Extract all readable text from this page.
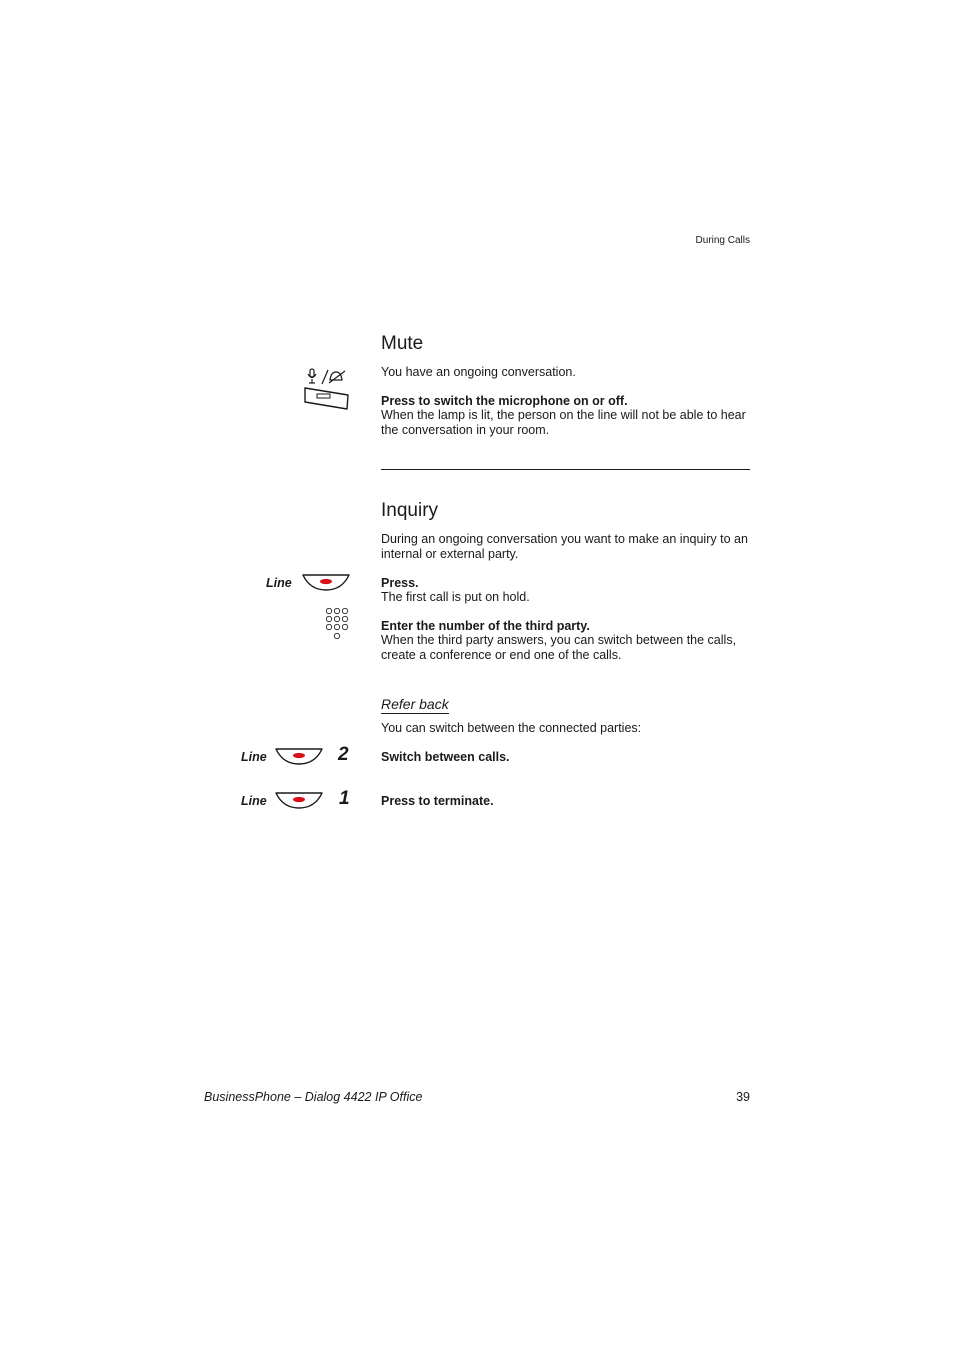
During Calls
Mute
You have an ongoing conversation.
Press to switch the microphone on or off.
When the lamp is lit, the person on the line will not be able to hear
the conversation in your room.
Inquiry
During an ongoing conversation you want to make an inquiry to an
internal or external party.
Line	Press.
The first call is put on hold.
Enter the number of the third party.
When the third party answers, you can switch between the calls,
create a conference or end one of the calls.
Refer back
You can switch between the connected parties:
Line	2	Switch between calls.
Line	1	Press to terminate.
BusinessPhone – Dialog 4422 IP Office	39
